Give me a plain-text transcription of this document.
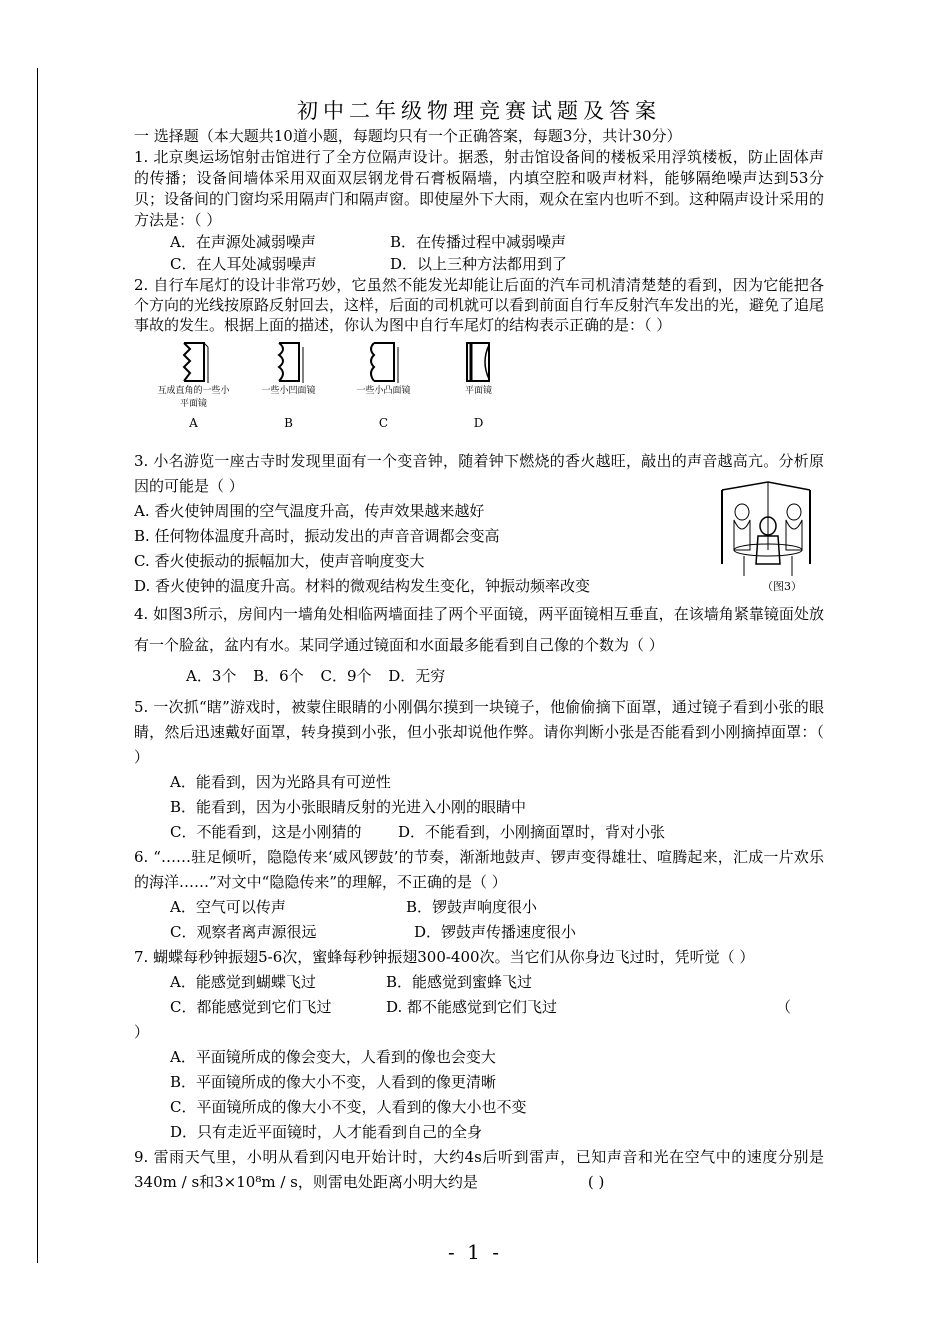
初中二年级物理竞赛试题及答案

一 选择题（本大题共10道小题，每题均只有一个正确答案，每题3分，共计30分）

1. 北京奥运场馆射击馆进行了全方位隔声设计。据悉，射击馆设备间的楼板采用浮筑楼板，防止固体声的传播；设备间墙体采用双面双层钢龙骨石膏板隔墙，内填空腔和吸声材料，能够隔绝噪声达到53分贝；设备间的门窗均采用隔声门和隔声窗。即使屋外下大雨，观众在室内也听不到。这种隔声设计采用的方法是：（ ）

A．在声源处减弱噪声	B．在传播过程中减弱噪声
C．在人耳处减弱噪声	D．以上三种方法都用到了

2. 自行车尾灯的设计非常巧妙，它虽然不能发光却能让后面的汽车司机清清楚楚的看到，因为它能把各个方向的光线按原路反射回去，这样，后面的司机就可以看到前面自行车反射汽车发出的光，避免了追尾事故的发生。根据上面的描述，你认为图中自行车尾灯的结构表示正确的是：（ ）

互成直角的一些小平面镜
A
一些小凹面镜
B
一些小凸面镜
C
平面镜
D

3. 小名游览一座古寺时发现里面有一个变音钟，随着钟下燃烧的香火越旺，敲出的声音越高亢。分析原因的可能是（ ）

A. 香火使钟周围的空气温度升高，传声效果越来越好
B. 任何物体温度升高时，振动发出的声音音调都会变高
C. 香火使振动的振幅加大，使声音响度变大
D. 香火使钟的温度升高。材料的微观结构发生变化，钟振动频率改变

4. 如图3所示，房间内一墙角处相临两墙面挂了两个平面镜，两平面镜相互垂直，在该墙角紧靠镜面处放有一个脸盆，盆内有水。某同学通过镜面和水面最多能看到自己像的个数为（ ）

A．3个 B．6个 C．9个 D．无穷

5. 一次抓“瞎”游戏时，被蒙住眼睛的小刚偶尔摸到一块镜子，他偷偷摘下面罩，通过镜子看到小张的眼睛，然后迅速戴好面罩，转身摸到小张，但小张却说他作弊。请你判断小张是否能看到小刚摘掉面罩：（ ）

A．能看到，因为光路具有可逆性
B．能看到，因为小张眼睛反射的光进入小刚的眼睛中
C．不能看到，这是小刚猜的	D．不能看到，小刚摘面罩时，背对小张

6. “……驻足倾听，隐隐传来‘威风锣鼓’的节奏，渐渐地鼓声、锣声变得雄壮、喧腾起来，汇成一片欢乐的海洋……”对文中“隐隐传来”的理解，不正确的是（ ）

A．空气可以传声	B．锣鼓声响度很小
C．观察者离声源很远	D．锣鼓声传播速度很小

7. 蝴蝶每秒钟振翅5-6次，蜜蜂每秒钟振翅300-400次。当它们从你身边飞过时，凭听觉（ ）

A．能感觉到蝴蝶飞过	B．能感觉到蜜蜂飞过
C．都能感觉到它们飞过	D. 都不能感觉到它们飞过	（
）
A．平面镜所成的像会变大，人看到的像也会变大
B．平面镜所成的像大小不变，人看到的像更清晰
C．平面镜所成的像大小不变，人看到的像大小也不变
D．只有走近平面镜时，人才能看到自己的全身

9. 雷雨天气里，小明从看到闪电开始计时，大约4s后听到雷声，已知声音和光在空气中的速度分别是340m / s和3×10⁸m / s，则雷电处距离小明大约是	( )

（图3）
- 1 -
